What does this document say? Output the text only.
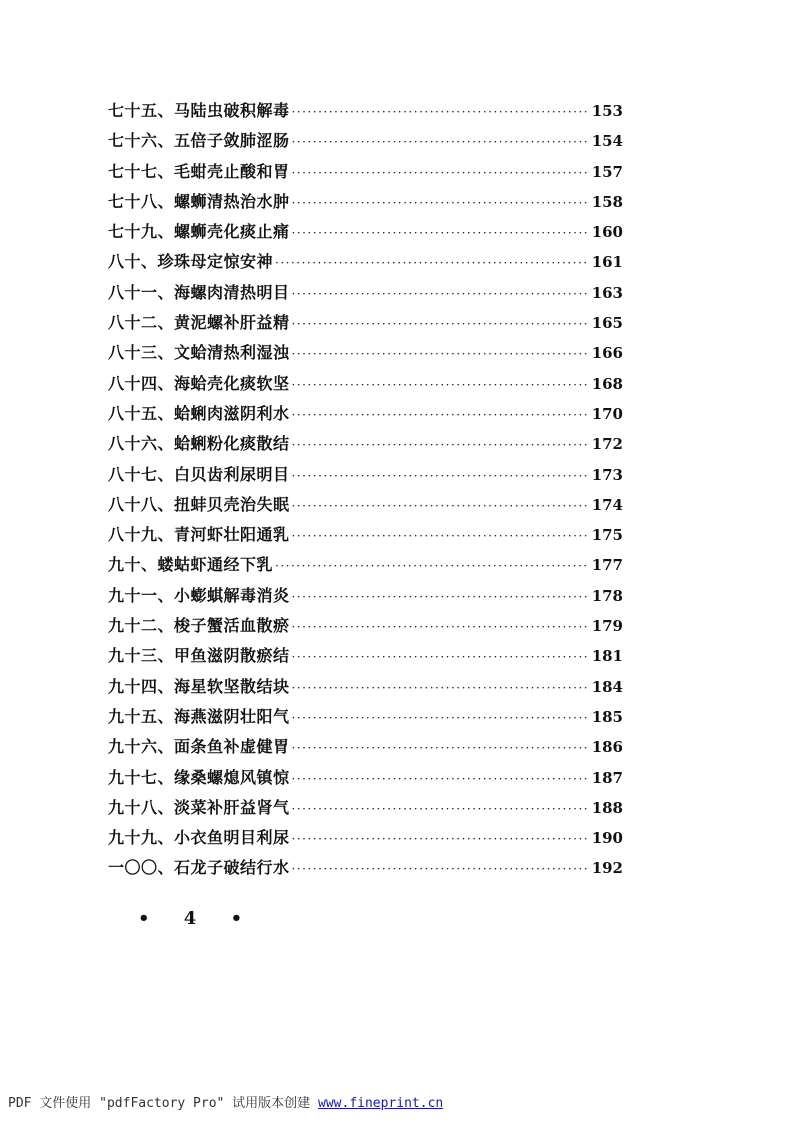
七十五、马陆虫破积解毒 ·····	153
七十六、五倍子敛肺涩肠 ·····	154
七十七、毛蚶壳止酸和胃 ·····	157
七十八、螺蛳清热治水肿 ·····	158
七十九、螺蛳壳化痰止痛 ·····	160
八十、珍珠母定惊安神 ·····	161
八十一、海螺肉清热明目 ·····	163
八十二、黄泥螺补肝益精 ·····	165
八十三、文蛤清热利湿浊 ·····	166
八十四、海蛤壳化痰软坚 ·····	168
八十五、蛤蜊肉滋阴利水 ·····	170
八十六、蛤蜊粉化痰散结 ·····	172
八十七、白贝齿利尿明目 ·····	173
八十八、扭蚌贝壳治失眠 ·····	174
八十九、青河虾壮阳通乳 ·····	175
九十、蝼蛄虾通经下乳 ·····	177
九十一、小蟛蜞解毒消炎 ·····	178
九十二、梭子蟹活血散瘀 ·····	179
九十三、甲鱼滋阴散瘀结 ·····	181
九十四、海星软坚散结块 ·····	184
九十五、海燕滋阴壮阳气 ·····	185
九十六、面条鱼补虚健胃 ·····	186
九十七、缘桑螺熄风镇惊 ·····	187
九十八、淡菜补肝益肾气 ·····	188
九十九、小衣鱼明目利尿 ·····	190
一〇〇、石龙子破结行水 ·····	192
• 4 •
PDF 文件使用 "pdfFactory Pro" 试用版本创建 www.fineprint.cn
